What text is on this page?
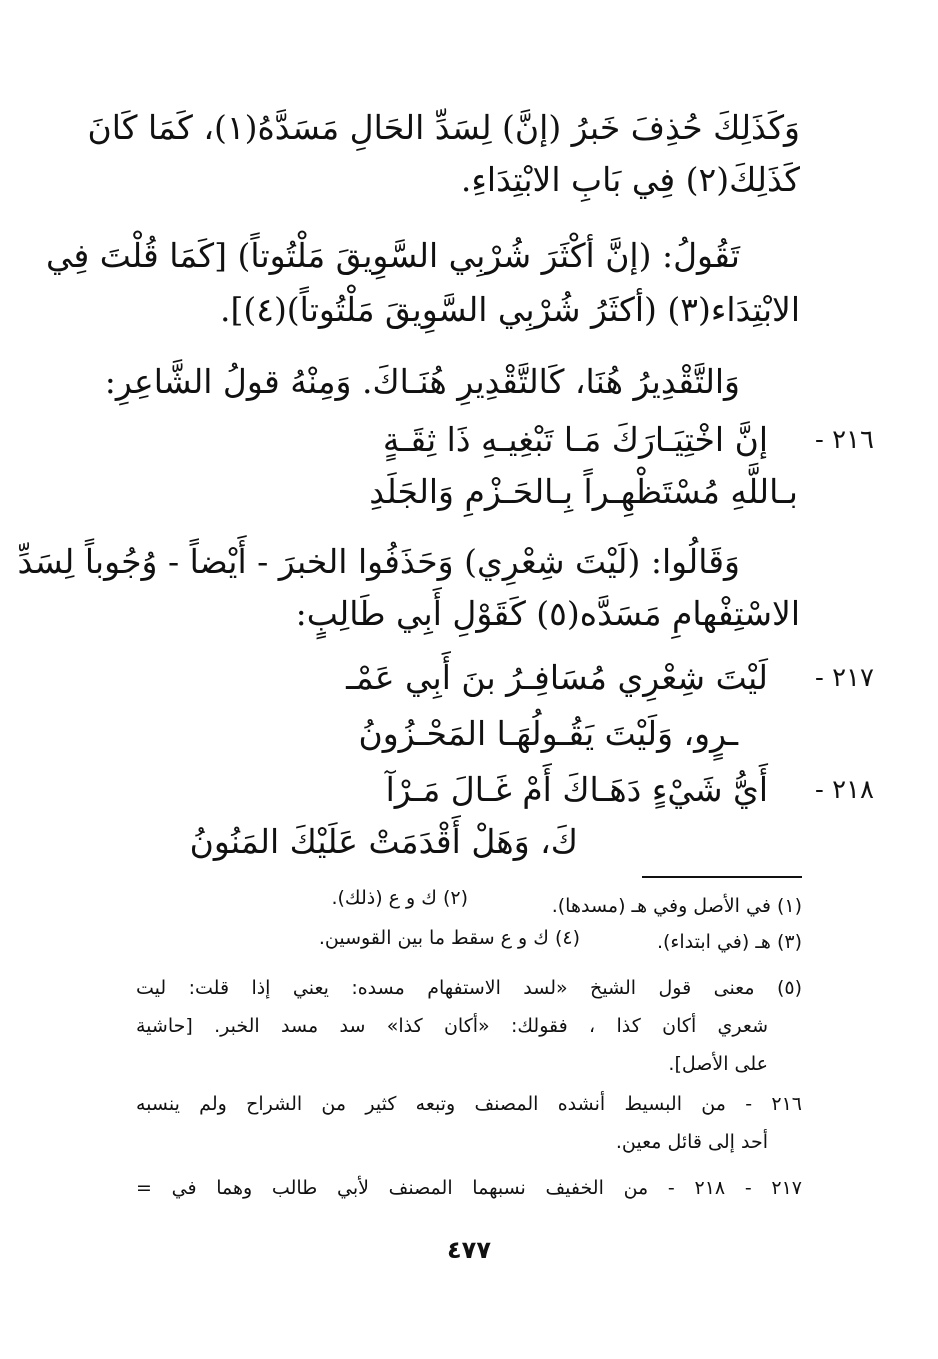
وَكَذَلِكَ حُذِفَ خَبرُ (إنَّ) لِسَدِّ الحَالِ مَسَدَّهُ(١)، كَمَا كَانَ
كَذَلِكَ(٢) فِي بَابِ الابْتِدَاءِ.
تَقُولُ: (إنَّ أكْثَرَ شُرْبِي السَّوِيقَ مَلْتُوتاً) [كَمَا قُلْتَ فِي
الابْتِدَاء(٣) (أكثَرُ شُرْبِي السَّوِيقَ مَلْتُوتاً)(٤)].
وَالتَّقْدِيرُ هُنَا، كَالتَّقْدِيرِ هُنَـاكَ. وَمِنْهُ قولُ الشَّاعِرِ:
٢١٦ -
إنَّ اخْتِيَـارَكَ مَـا تَبْغِيـهِ ذَا ثِقَـةٍ
بـاللَّهِ مُسْتَظْهِـراً بِـالحَـزْمِ وَالجَلَدِ
وَقَالُوا: (لَيْتَ شِعْرِي) وَحَذَفُوا الخبرَ - أَيْضاً - وُجُوباً لِسَدِّ
الاسْتِفْهامِ مَسَدَّه(٥) كَقَوْلِ أَبِي طَالِبٍ:
٢١٧ -
لَيْتَ شِعْرِي مُسَافِـرُ بنَ أَبِي عَمْـ
ـرٍو، وَلَيْتَ يَقُـولُهَـا المَحْـزُونُ
٢١٨ -
أَيُّ شَيْءٍ دَهَـاكَ أَمْ غَـالَ مَـرْآ
كَ، وَهَلْ أَقْدَمَتْ عَلَيْكَ المَنُونُ
(١) في الأصل وفي هـ (مسدها).
(٢) ك و ع (ذلك).
(٣) هـ (في ابتداء).
(٤) ك و ع سقط ما بين القوسين.
(٥) معنى قول الشيخ «لسد الاستفهام مسده: يعني إذا قلت: ليت
شعري أكان كذا ، فقولك: «أكان كذا» سد مسد الخبر. [حاشية
على الأصل].
٢١٦ - من البسيط أنشده المصنف وتبعه كثير من الشراح ولم ينسبه
أحد إلى قائل معين.
٢١٧ - ٢١٨ - من الخفيف نسبهما المصنف لأبي طالب وهما في =
٤٧٧
